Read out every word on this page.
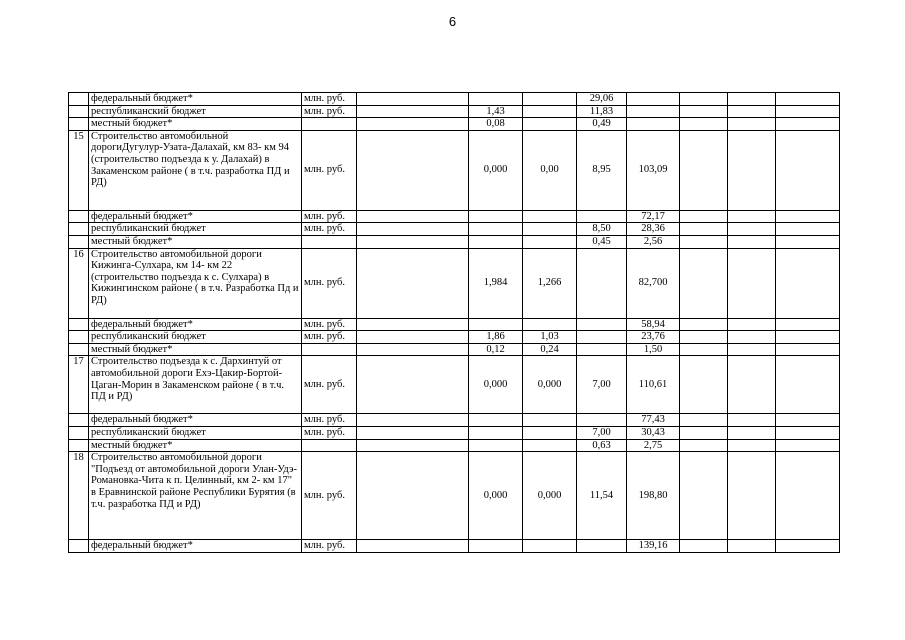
6
	федеральный бюджет*	млн. руб.				29,06				
	республиканский бюджет	млн. руб.		1,43		11,83				
	местный бюджет*			0,08		0,49				
15	Строительство автомобильной дорогиДугулур-Узата-Далахай, км 83- км 94 (строительство подъезда к у. Далахай) в Закаменском районе ( в т.ч. разработка ПД и РД)	млн. руб.		0,000	0,00	8,95	103,09			
	федеральный бюджет*	млн. руб.					72,17			
	республиканский бюджет	млн. руб.				8,50	28,36			
	местный бюджет*					0,45	2,56			
16	Строительство автомобильной дороги Кижинга-Сулхара, км 14- км 22 (строительство подъезда к с. Сулхара) в Кижингинском районе ( в т.ч. Разработка Пд и РД)	млн. руб.		1,984	1,266		82,700			
	федеральный бюджет*	млн. руб.					58,94			
	республиканский бюджет	млн. руб.		1,86	1,03		23,76			
	местный бюджет*			0,12	0,24		1,50			
17	Строительство подъезда к с. Дархинтуй от автомобильной дороги Еxэ-Цакир-Бортой-Цаган-Морин в Закаменском районе ( в т.ч. ПД и РД)	млн. руб.		0,000	0,000	7,00	110,61			
	федеральный бюджет*	млн. руб.					77,43			
	республиканский бюджет	млн. руб.				7,00	30,43			
	местный бюджет*					0,63	2,75			
18	Строительство автомобильной дороги "Подъезд от автомобильной дороги Улан-Удэ-Романовка-Чита к п. Целинный, км 2- км 17" в Еравнинской районе Республики Бурятия (в т.ч. разработка ПД и РД)	млн. руб.		0,000	0,000	11,54	198,80			
	федеральный бюджет*	млн. руб.					139,16			
